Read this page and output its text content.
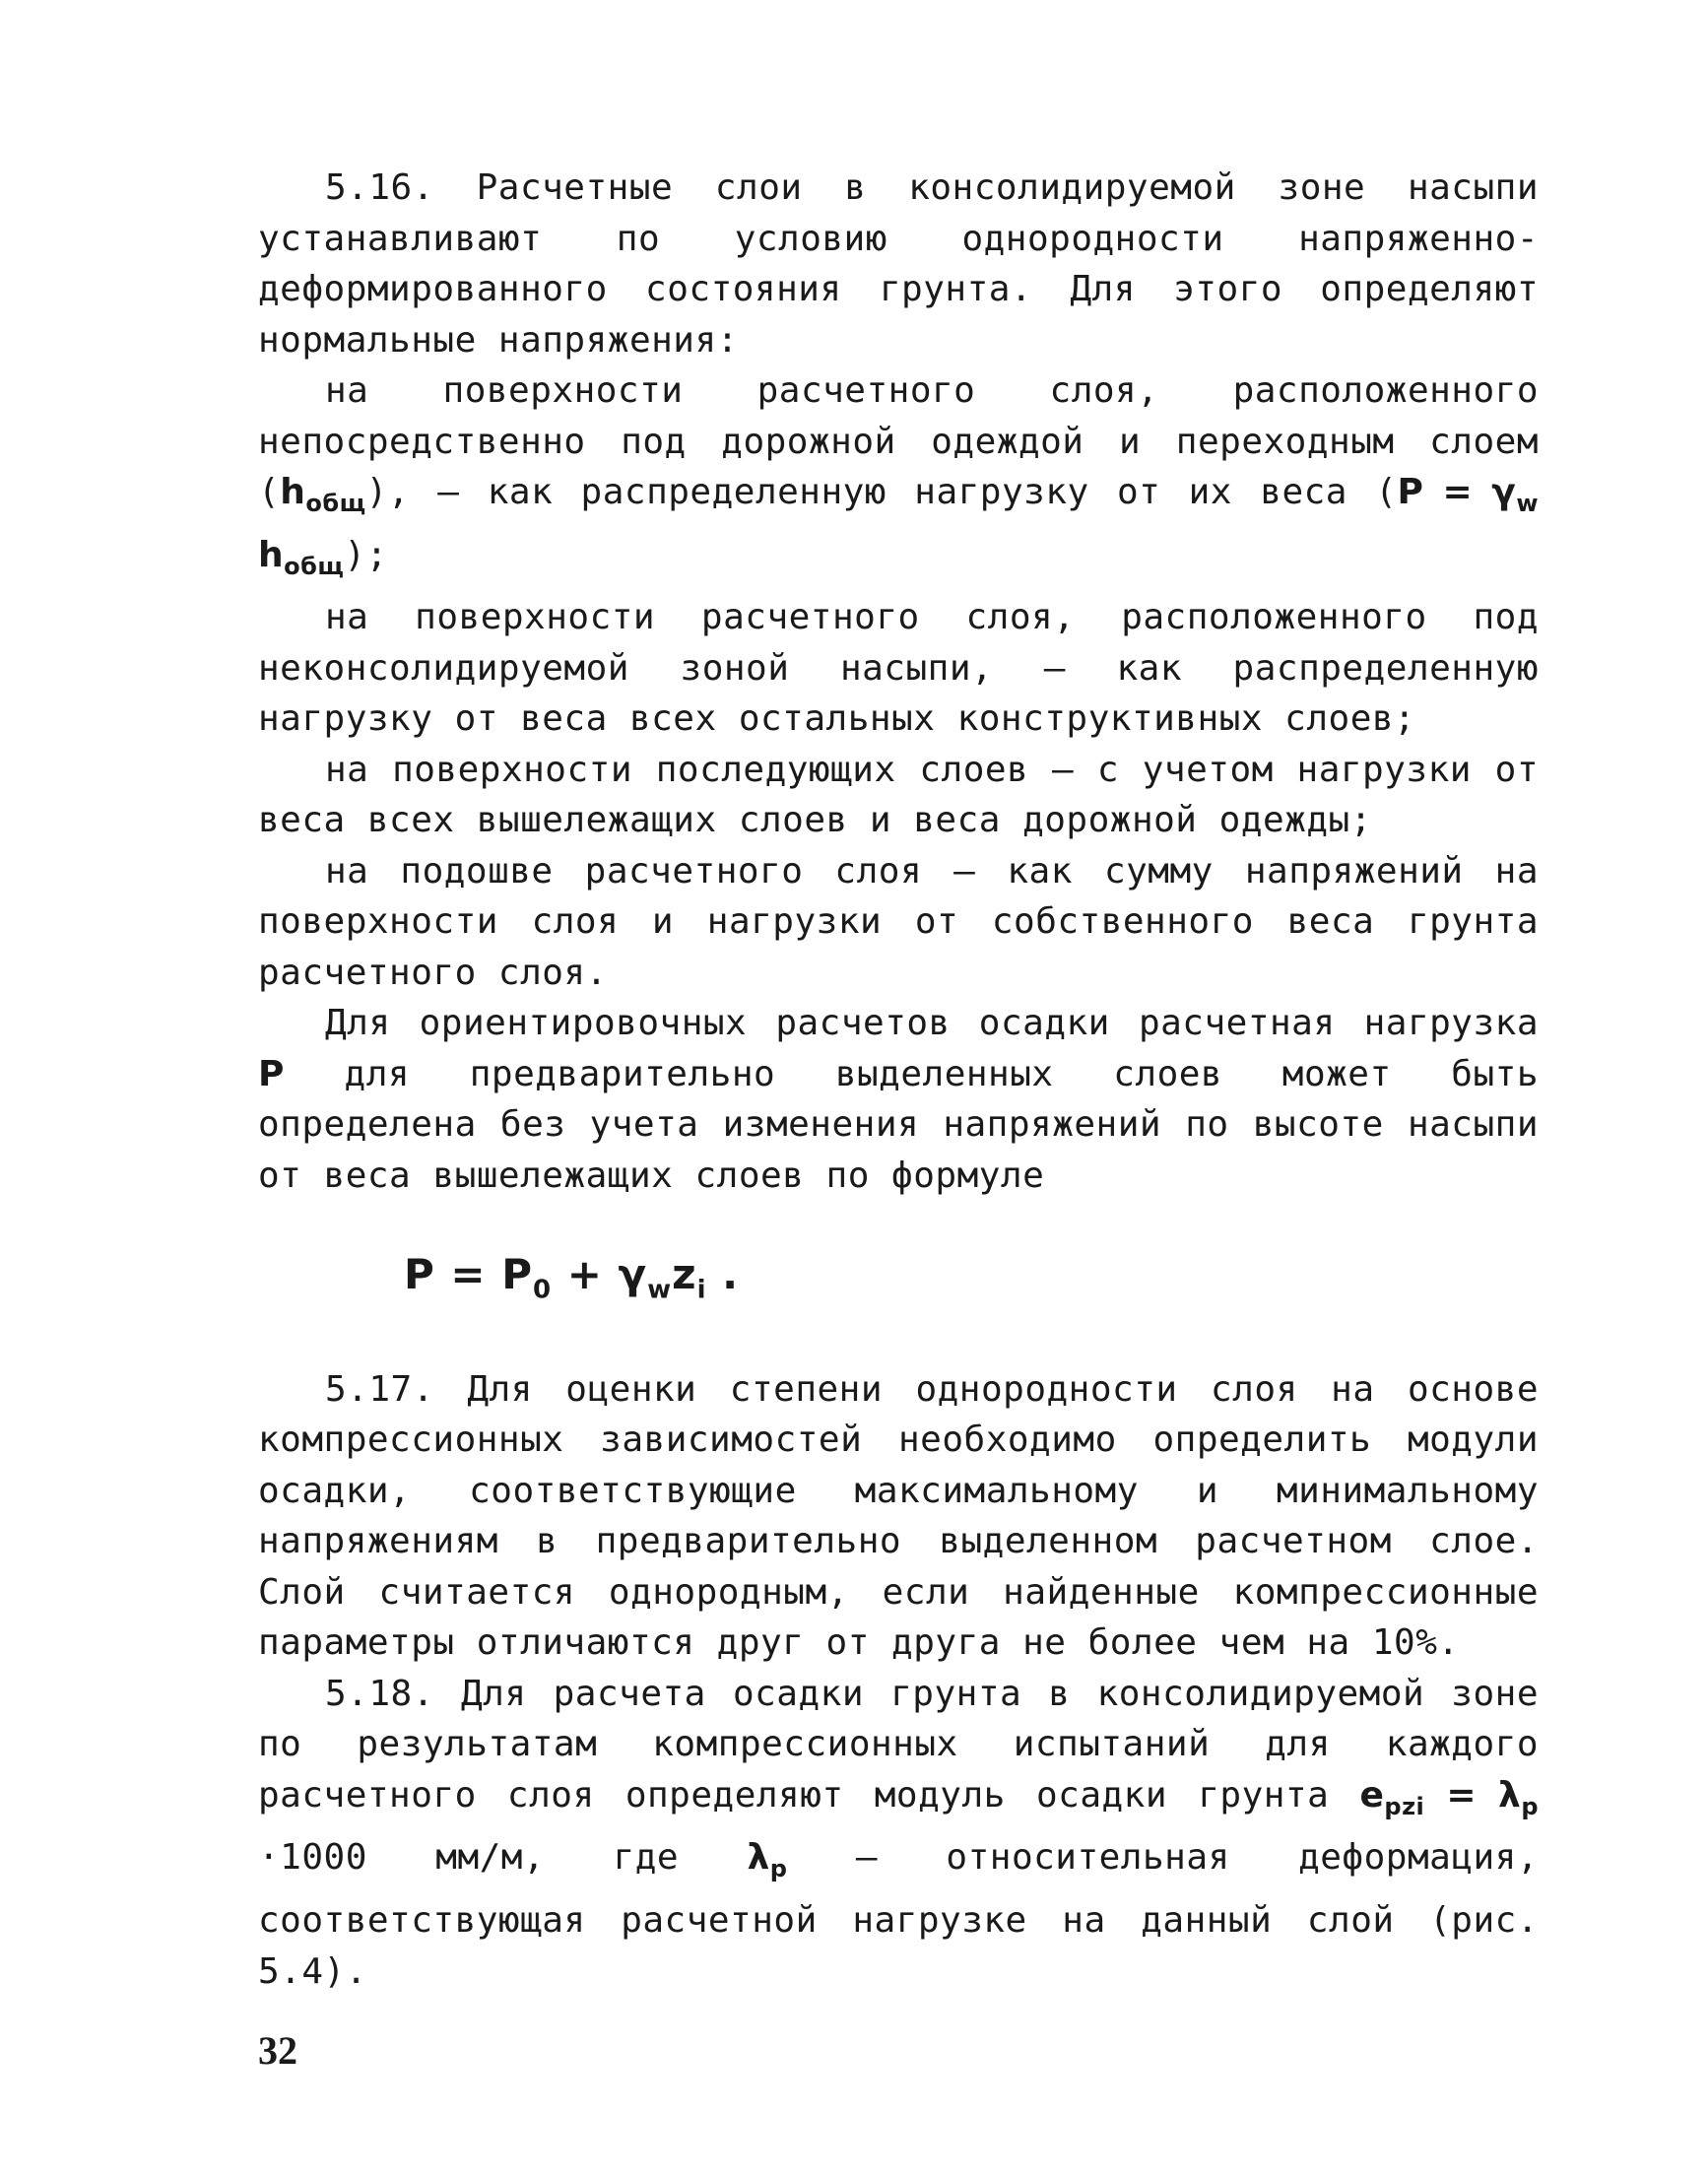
5.16. Расчетные слои в консолидируемой зоне насыпи устанавливают по условию однородности напряженно-деформированного состояния грунта. Для этого определяют нормальные напряжения:

на поверхности расчетного слоя, расположенного непосредственно под дорожной одеждой и переходным слоем $(h_{общ})$, – как распределенную нагрузку от их веса ($P = \gamma_w$ $h_{общ}$);

на поверхности расчетного слоя, расположенного под неконсолидируемой зоной насыпи, – как распределенную нагрузку от веса всех остальных конструктивных слоев;

на поверхности последующих слоев – с учетом нагрузки от веса всех вышележащих слоев и веса дорожной одежды;

на подошве расчетного слоя – как сумму напряжений на поверхности слоя и нагрузки от собственного веса грунта расчетного слоя.

Для ориентировочных расчетов осадки расчетная нагрузка P для предварительно выделенных слоев может быть определена без учета изменения напряжений по высоте насыпи от веса вышележащих слоев по формуле

$P = P_0 + \gamma_wz_i$ .

5.17. Для оценки степени однородности слоя на основе компрессионных зависимостей необходимо определить модули осадки, соответствующие максимальному и минимальному напряжениям в предварительно выделенном расчетном слое. Слой считается однородным, если найденные компрессионные параметры отличаются друг от друга не более чем на 10%.

5.18. Для расчета осадки грунта в консолидируемой зоне по результатам компрессионных испытаний для каждого расчетного слоя определяют модуль осадки грунта $e_{pzi} = \lambda_p \cdot 1000$ мм/м, где $\lambda_p$ – относительная деформация, соответствующая расчетной нагрузке на данный слой (рис. 5.4).

32
